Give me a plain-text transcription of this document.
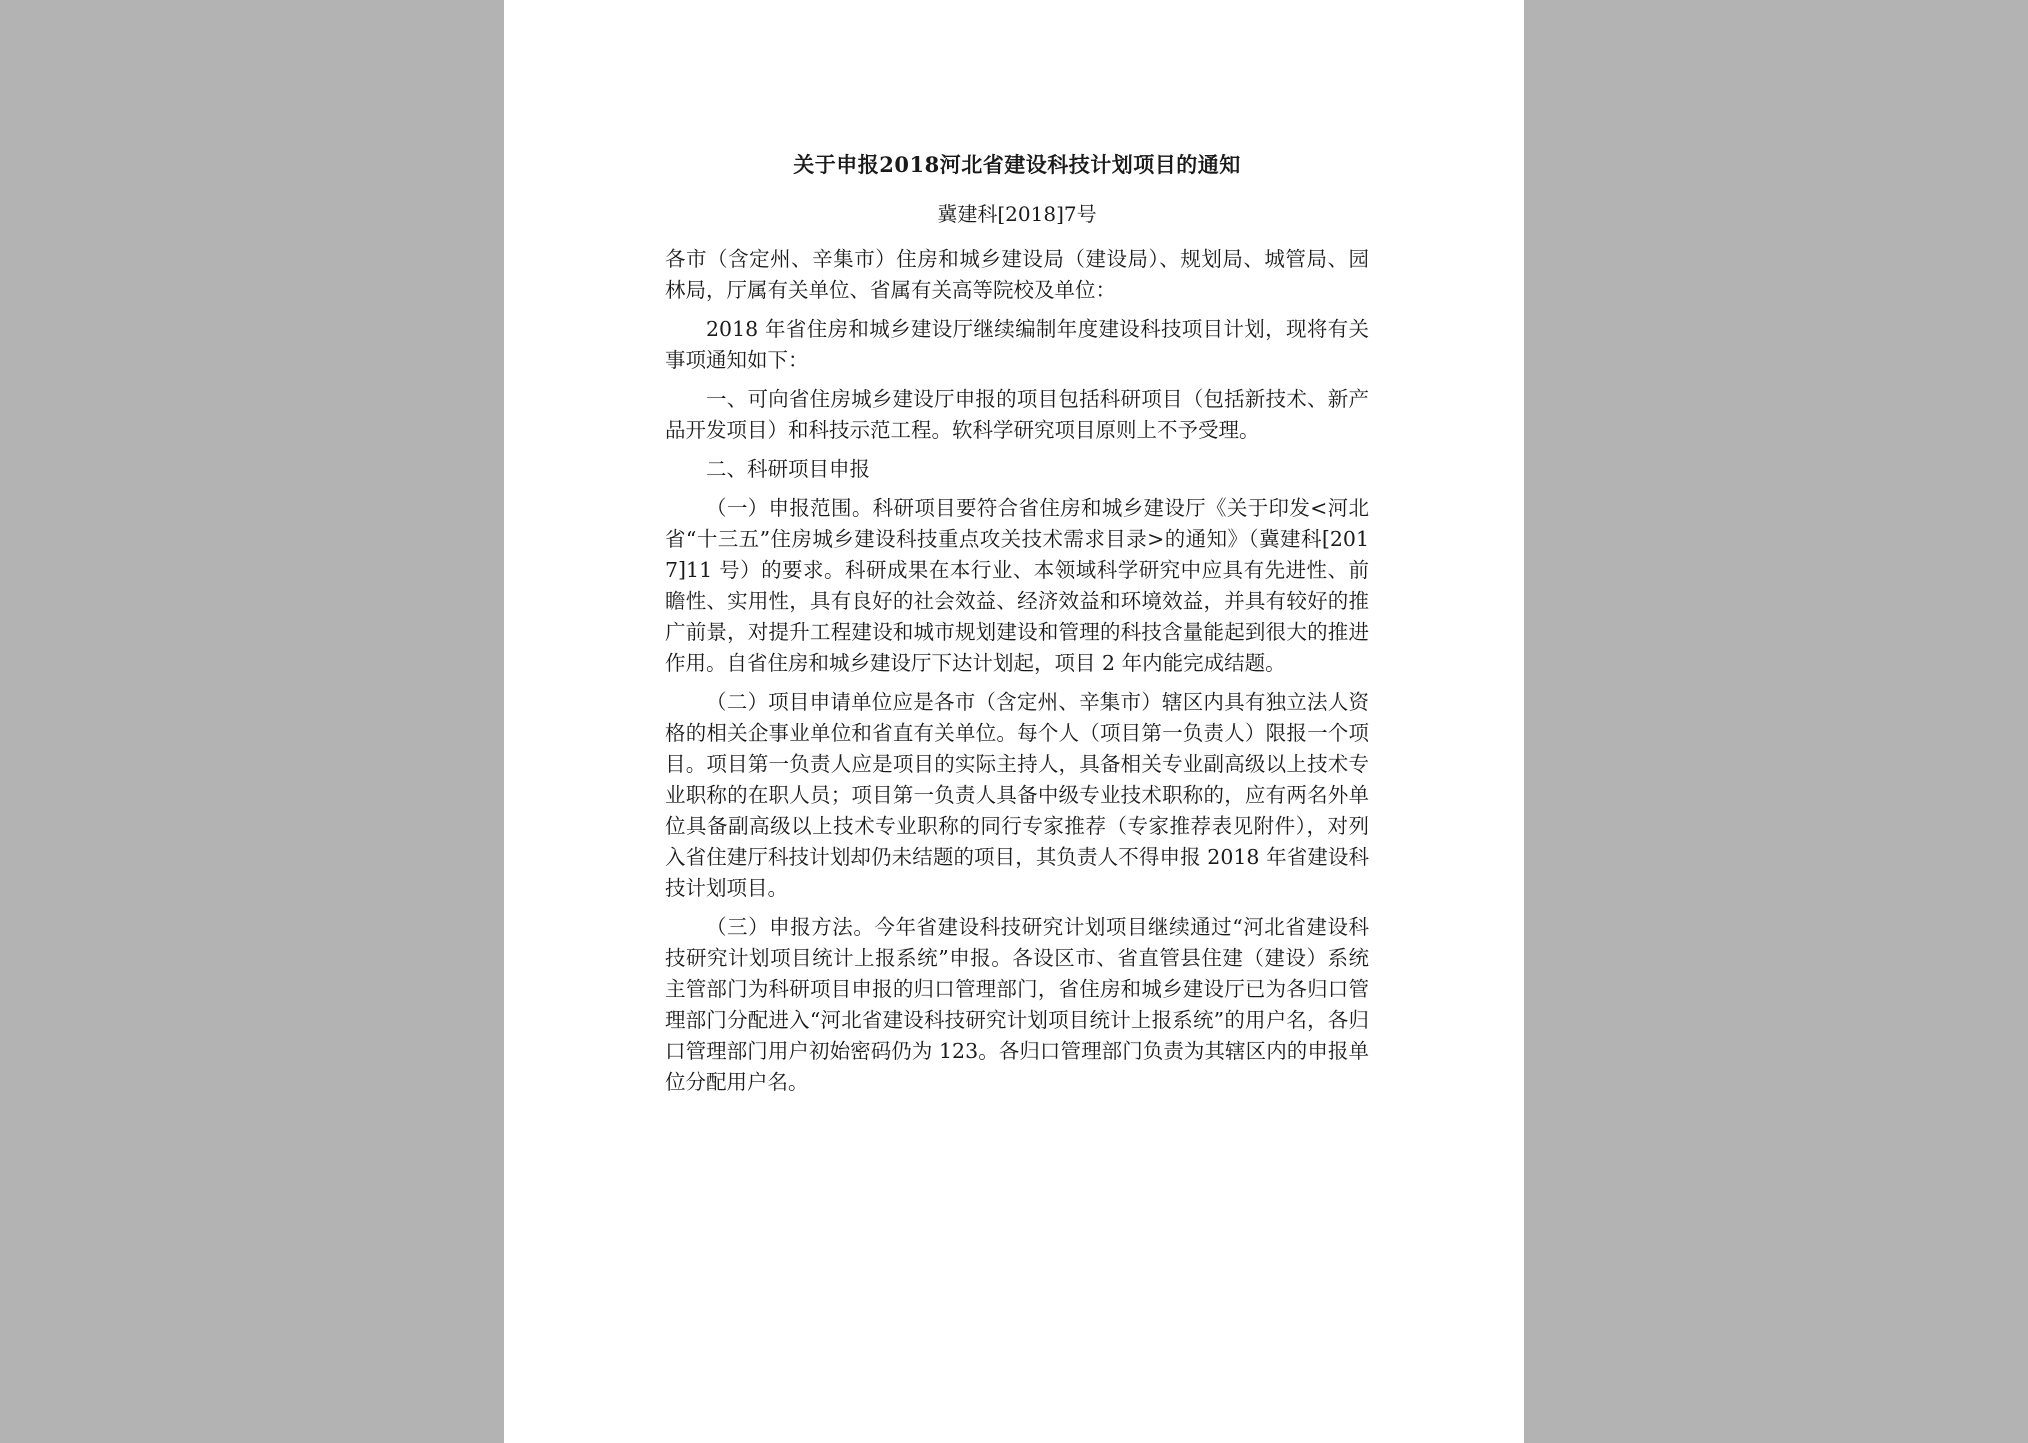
关于申报2018河北省建设科技计划项目的通知
冀建科[2018]7号

各市（含定州、辛集市）住房和城乡建设局（建设局）、规划局、城管局、园林局，厅属有关单位、省属有关高等院校及单位：

2018 年省住房和城乡建设厅继续编制年度建设科技项目计划，现将有关事项通知如下：

一、可向省住房城乡建设厅申报的项目包括科研项目（包括新技术、新产品开发项目）和科技示范工程。软科学研究项目原则上不予受理。

二、科研项目申报

（一）申报范围。科研项目要符合省住房和城乡建设厅《关于印发<河北省“十三五”住房城乡建设科技重点攻关技术需求目录>的通知》（冀建科[2017]11 号）的要求。科研成果在本行业、本领域科学研究中应具有先进性、前瞻性、实用性，具有良好的社会效益、经济效益和环境效益，并具有较好的推广前景，对提升工程建设和城市规划建设和管理的科技含量能起到很大的推进作用。自省住房和城乡建设厅下达计划起，项目 2 年内能完成结题。

（二）项目申请单位应是各市（含定州、辛集市）辖区内具有独立法人资格的相关企事业单位和省直有关单位。每个人（项目第一负责人）限报一个项目。项目第一负责人应是项目的实际主持人，具备相关专业副高级以上技术专业职称的在职人员；项目第一负责人具备中级专业技术职称的，应有两名外单位具备副高级以上技术专业职称的同行专家推荐（专家推荐表见附件），对列入省住建厅科技计划却仍未结题的项目，其负责人不得申报 2018 年省建设科技计划项目。

（三）申报方法。今年省建设科技研究计划项目继续通过“河北省建设科技研究计划项目统计上报系统”申报。各设区市、省直管县住建（建设）系统主管部门为科研项目申报的归口管理部门，省住房和城乡建设厅已为各归口管理部门分配进入“河北省建设科技研究计划项目统计上报系统”的用户名，各归口管理部门用户初始密码仍为 123。各归口管理部门负责为其辖区内的申报单位分配用户名。
